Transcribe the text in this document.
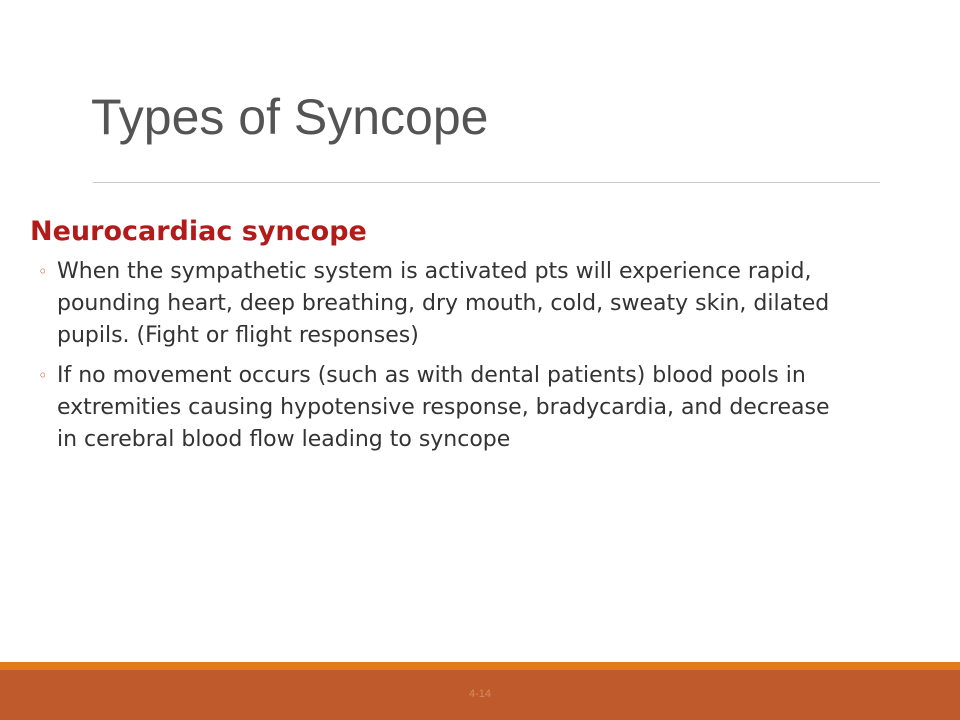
Types of Syncope
Neurocardiac syncope
◦ When the sympathetic system is activated pts will experience rapid, pounding heart, deep breathing, dry mouth, cold, sweaty skin, dilated pupils. (Fight or flight responses)
◦ If no movement occurs (such as with dental patients) blood pools in extremities causing hypotensive response, bradycardia, and decrease in cerebral blood flow leading to syncope
4-14
